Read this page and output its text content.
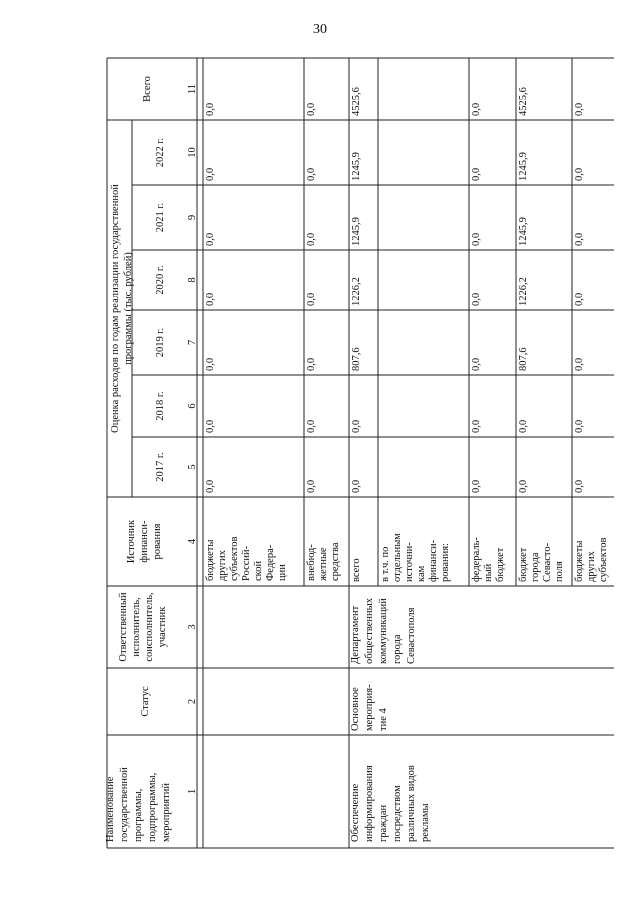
30
Наименование государственной программы, подпрограммы, мероприятий
Статус
Ответственный исполнитель, соисполнитель, участник
Источник финанси- рования
Оценка расходов по годам реализации государственной программы (тыс. рублей)
2017 г.
2018 г.
2019 г.
2020 г.
2021 г.
2022 г.
Всего
1
2
3
4
5
6
7
8
9
10
11
бюджеты других субъектов Россий- ской Федера- ции
0,0
0,0
0,0
0,0
0,0
0,0
0,0
внебюд- жетные средства
0,0
0,0
0,0
0,0
0,0
0,0
0,0
Обеспечение информирования граждан посредством различных видов рекламы
Основное мероприя- тие 4
Департамент общественных коммуникаций города Севастополя
всего
0,0
0,0
807,6
1226,2
1245,9
1245,9
4525,6
в т.ч. по отдельным источни- кам финанси- рования: федераль- ный бюджет
0,0
0,0
0,0
0,0
0,0
0,0
0,0
бюджет города Севасто- поля
0,0
0,0
807,6
1226,2
1245,9
1245,9
4525,6
бюджеты других субъектов
0,0
0,0
0,0
0,0
0,0
0,0
0,0
